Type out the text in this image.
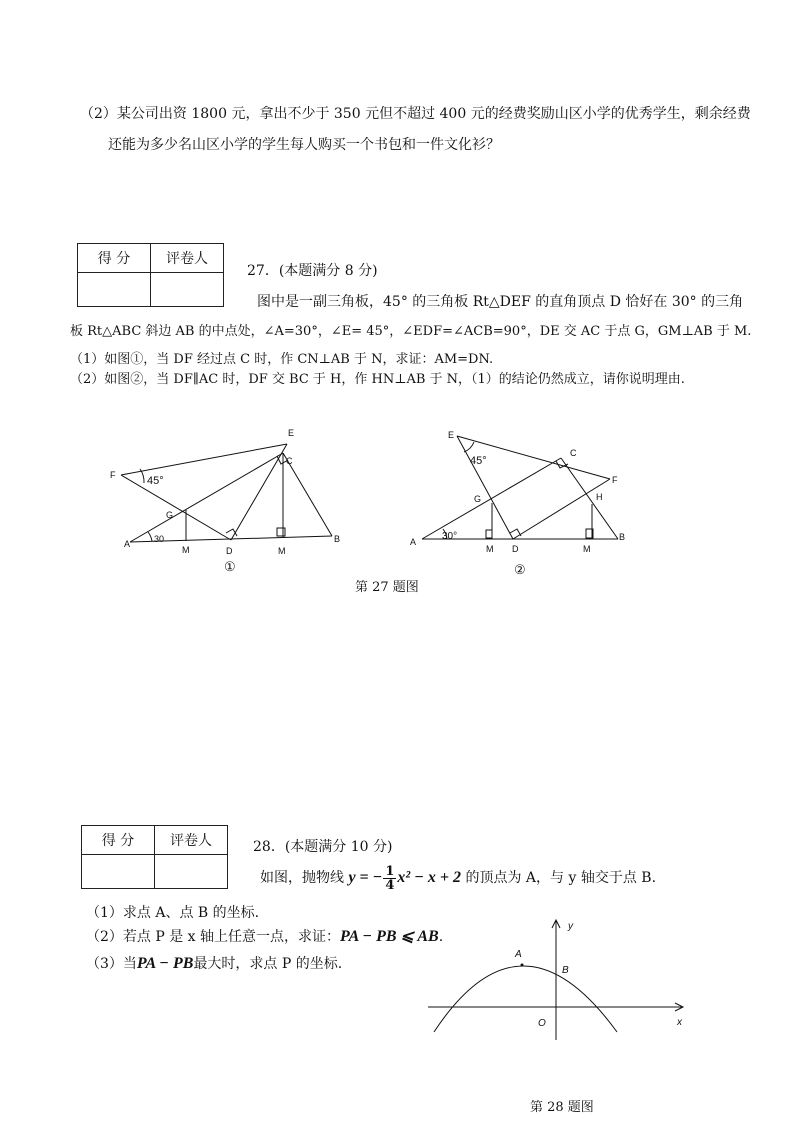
（2）某公司出资 1800 元，拿出不少于 350 元但不超过 400 元的经费奖励山区小学的优秀学生，剩余经费
还能为多少名山区小学的学生每人购买一个书包和一件文化衫？
得 分	评卷人

27．(本题满分 8 分)
图中是一副三角板，45° 的三角板 Rt△DEF 的直角顶点 D 恰好在 30° 的三角
板 Rt△ABC 斜边 AB 的中点处，∠A=30°，∠E= 45°，∠EDF=∠ACB=90°，DE 交 AC 于点 G，GM⊥AB 于 M.
（1）如图①，当 DF 经过点 C 时，作 CN⊥AB 于 N，求证：AM=DN.
（2）如图②，当 DF∥AC 时，DF 交 BC 于 H，作 HN⊥AB 于 N，（1）的结论仍然成立，请你说明理由.
F	45°
E
C
G
A	30
M	D	M
B
①
E
45°
C
F
G	H
A	30°
M D	M
B
②
第 27 题图
得 分	评卷人
		28．(本题满分 10 分)
如图，抛物线 y = − $\frac{1}{4} x^2 - x + 2$ 的顶点为 A，与 y 轴交于点 B.
（1）求点 A、点 B 的坐标.
（2）若点 P 是 x 轴上任意一点，求证：PA − PB ⩽ AB.
（3）当PA − PB最大时，求点 P 的坐标.
y
x
O
A
B
第 28 题图
